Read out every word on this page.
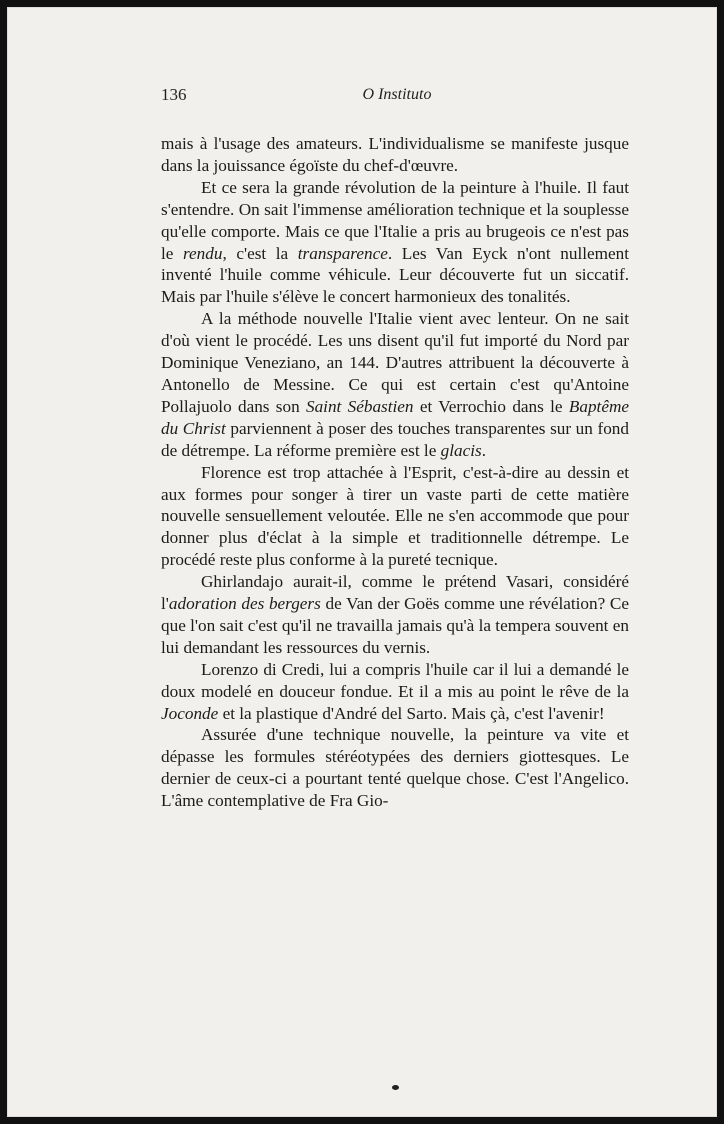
136	O Instituto

mais à l'usage des amateurs. L'individualisme se manifeste jusque dans la jouissance égoïste du chef-d'œuvre.

Et ce sera la grande révolution de la peinture à l'huile. Il faut s'entendre. On sait l'immense amélioration technique et la souplesse qu'elle comporte. Mais ce que l'Italie a pris au brugeois ce n'est pas le rendu, c'est la transparence. Les Van Eyck n'ont nullement inventé l'huile comme véhicule. Leur découverte fut un siccatif. Mais par l'huile s'élève le concert harmonieux des tonalités.

A la méthode nouvelle l'Italie vient avec lenteur. On ne sait d'où vient le procédé. Les uns disent qu'il fut importé du Nord par Dominique Veneziano, an 144. D'autres attribuent la découverte à Antonello de Messine. Ce qui est certain c'est qu'Antoine Pollajuolo dans son Saint Sébastien et Verrochio dans le Baptême du Christ parviennent à poser des touches transparentes sur un fond de détrempe. La réforme première est le glacis.

Florence est trop attachée à l'Esprit, c'est-à-dire au dessin et aux formes pour songer à tirer un vaste parti de cette matière nouvelle sensuellement veloutée. Elle ne s'en accommode que pour donner plus d'éclat à la simple et traditionnelle détrempe. Le procédé reste plus conforme à la pureté tecnique.

Ghirlandajo aurait-il, comme le prétend Vasari, considéré l'adoration des bergers de Van der Goës comme une révélation? Ce que l'on sait c'est qu'il ne travailla jamais qu'à la tempera souvent en lui demandant les ressources du vernis.

Lorenzo di Credi, lui a compris l'huile car il lui a demandé le doux modelé en douceur fondue. Et il a mis au point le rêve de la Joconde et la plastique d'André del Sarto. Mais çà, c'est l'avenir!

Assurée d'une technique nouvelle, la peinture va vite et dépasse les formules stéréotypées des derniers giottesques. Le dernier de ceux-ci a pourtant tenté quelque chose. C'est l'Angelico. L'âme contemplative de Fra Gio-
